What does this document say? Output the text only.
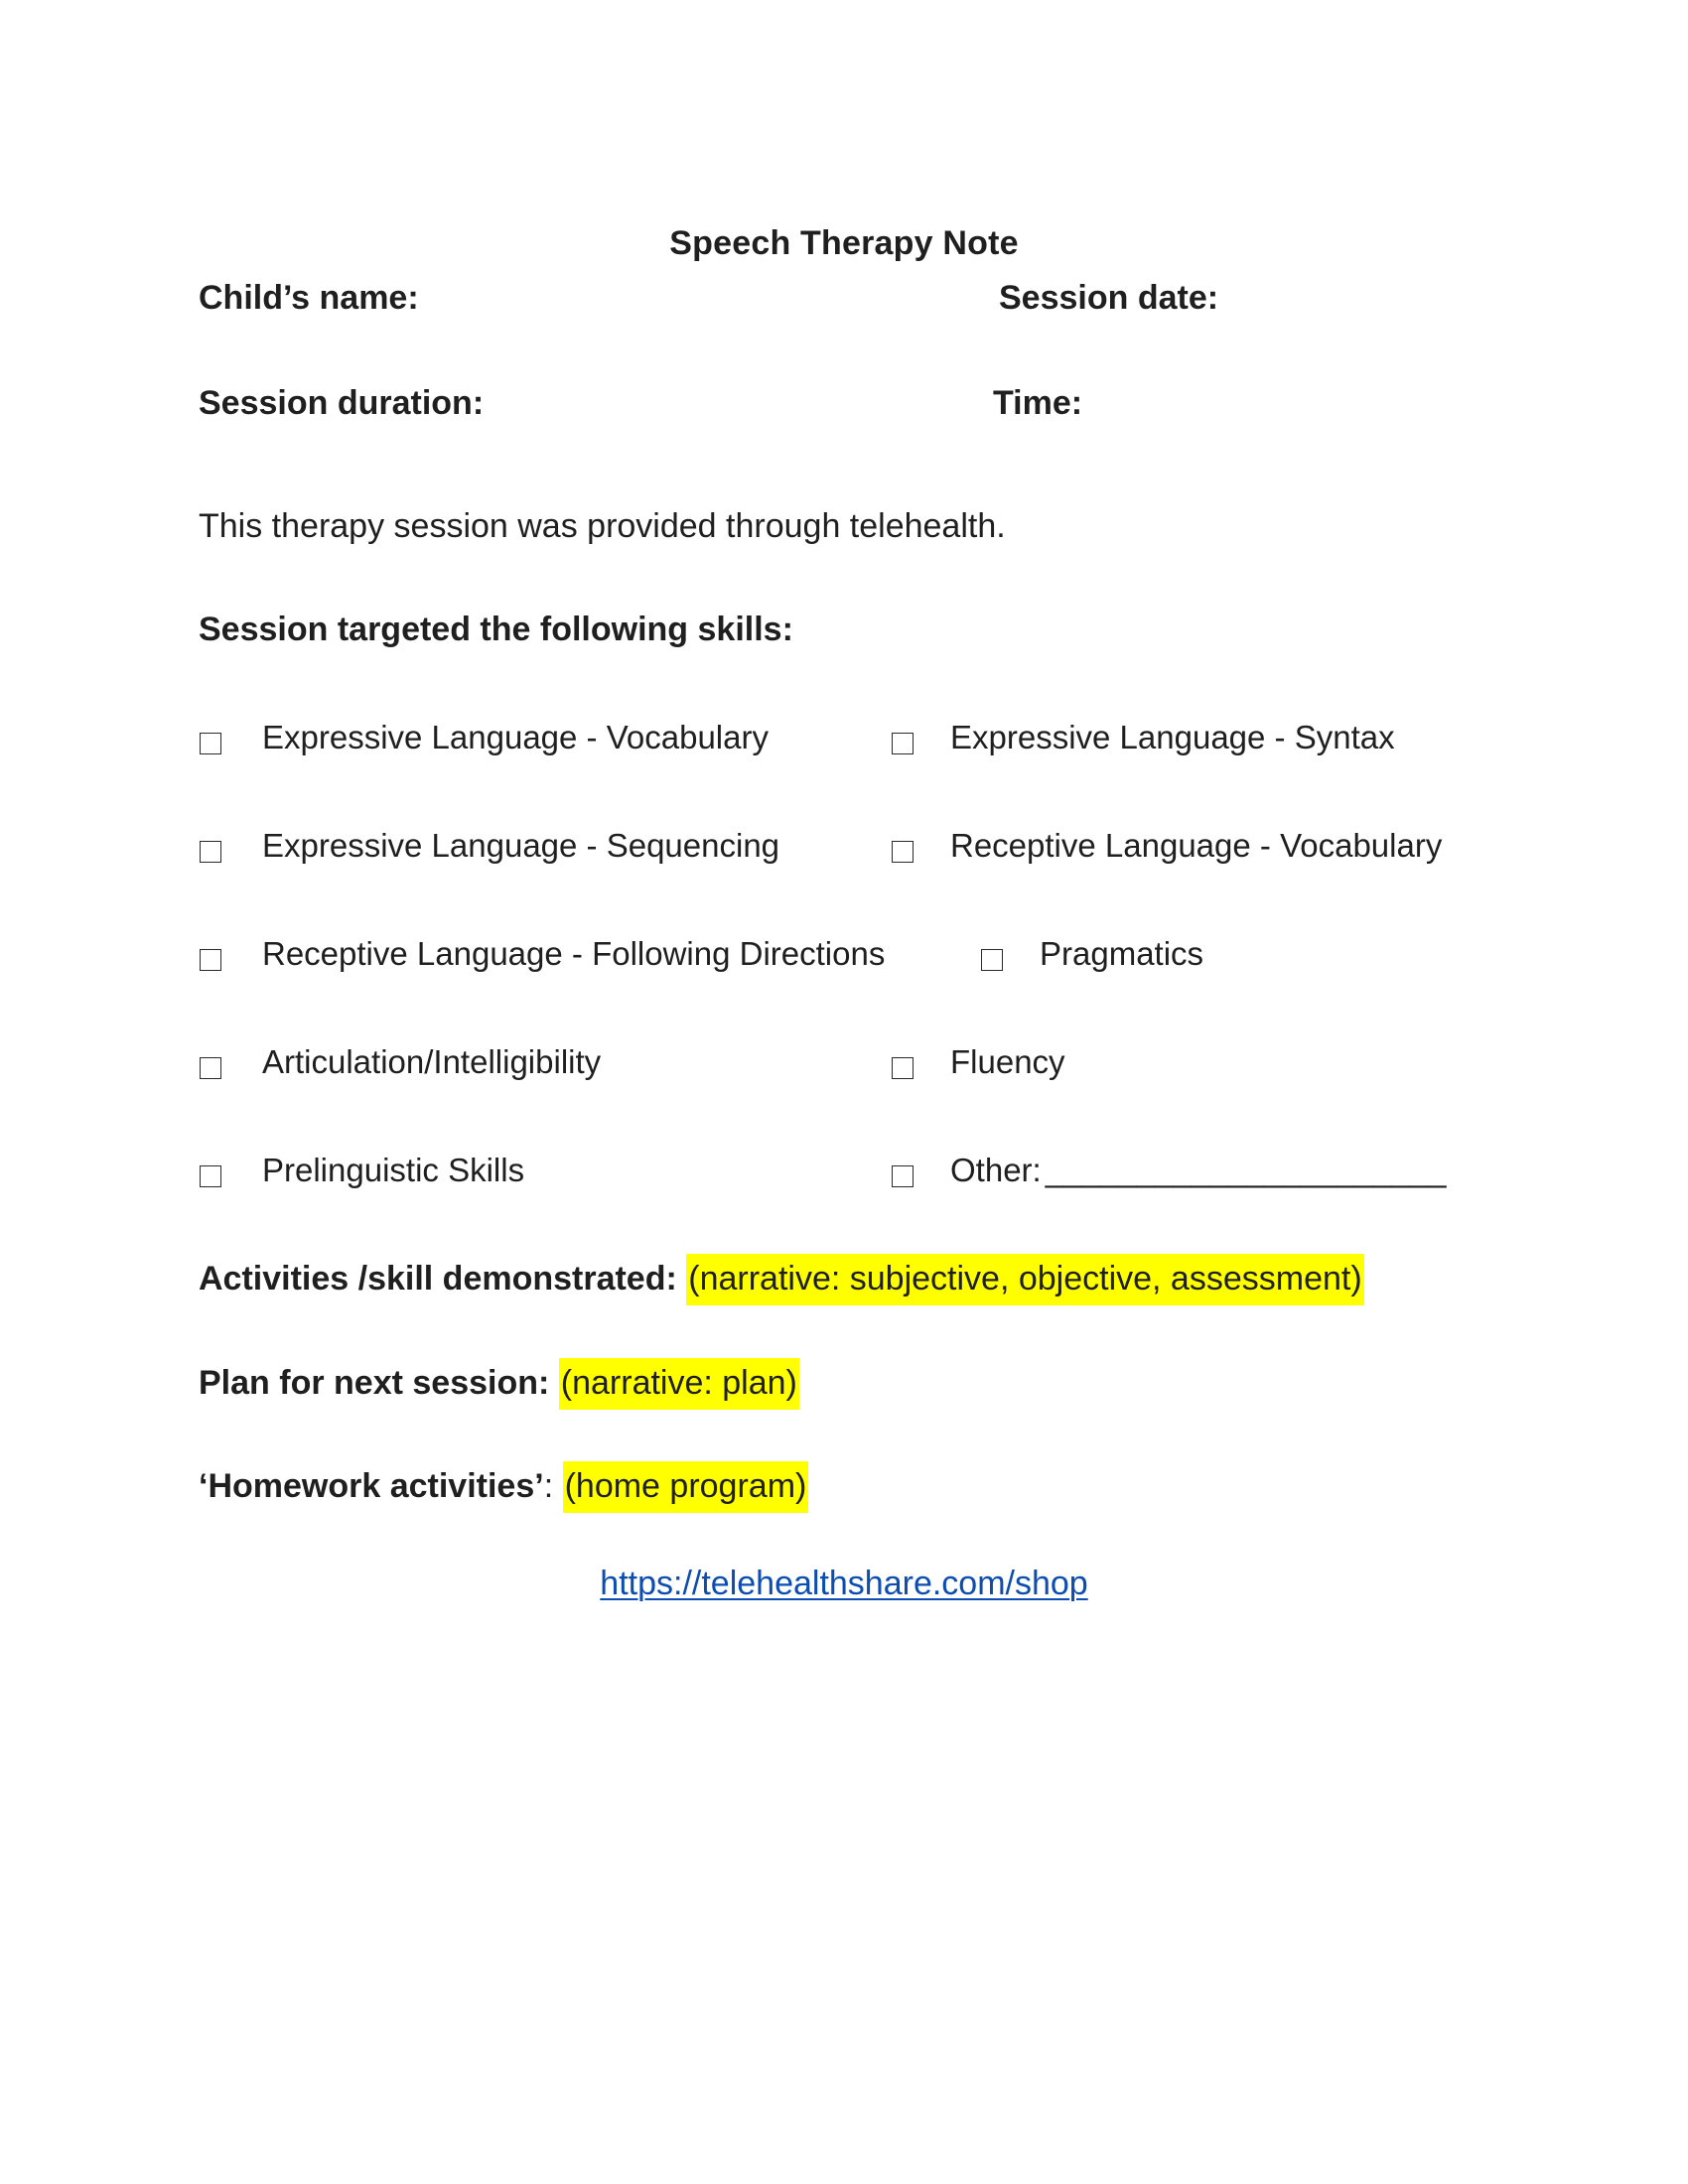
Speech Therapy Note
Child’s name:	Session date:
Session duration:	Time:
This therapy session was provided through telehealth.
Session targeted the following skills:
Expressive Language - Vocabulary	Expressive Language - Syntax
Expressive Language - Sequencing	Receptive Language - Vocabulary
Receptive Language - Following Directions	Pragmatics
Articulation/Intelligibility	Fluency
Prelinguistic Skills	Other: ______________________
Activities /skill demonstrated: (narrative: subjective, objective, assessment)
Plan for next session: (narrative: plan)
‘Homework activities’: (home program)
https://telehealthshare.com/shop
